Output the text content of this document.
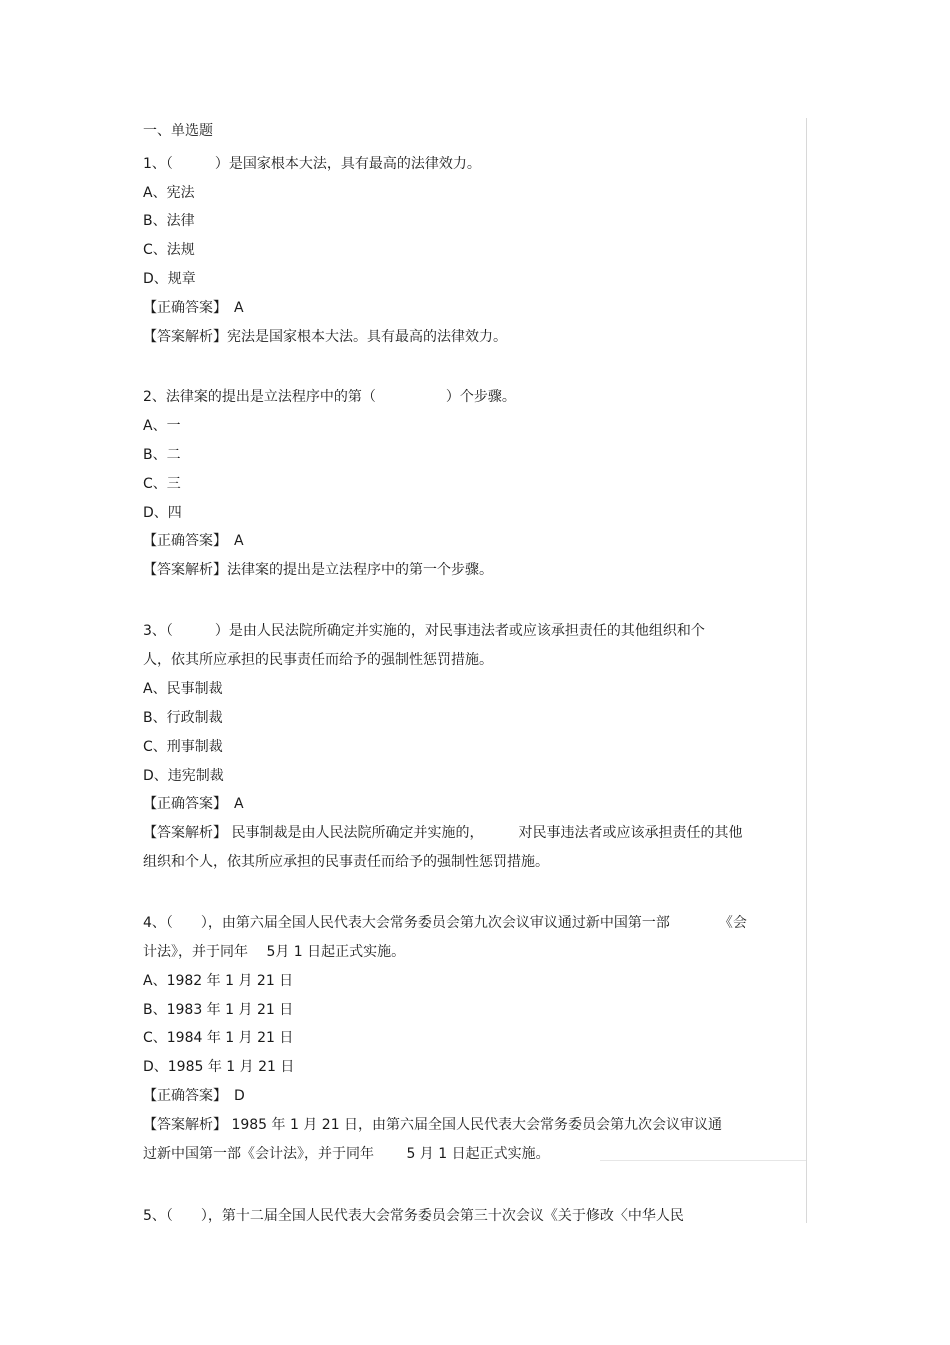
一、单选题

1、（　　　）是国家根本大法，具有最高的法律效力。

A、宪法

B、法律

C、法规

D、规章

【正确答案】　A

【答案解析】宪法是国家根本大法。具有最高的法律效力。

2、法律案的提出是立法程序中的第（　　　　　）个步骤。

A、一

B、二

C、三

D、四

【正确答案】　A

【答案解析】法律案的提出是立法程序中的第一个步骤。

3、（　　　）是由人民法院所确定并实施的，对民事违法者或应该承担责任的其他组织和个

人，依其所应承担的民事责任而给予的强制性惩罚措施。

A、民事制裁

B、行政制裁

C、刑事制裁

D、违宪制裁

【正确答案】　A

【答案解析】 民事制裁是由人民法院所确定并实施的，　　　对民事违法者或应该承担责任的其他

组织和个人，依其所应承担的民事责任而给予的强制性惩罚措施。

4、（　　），由第六届全国人民代表大会常务委员会第九次会议审议通过新中国第一部　　　　《会

计法》，并于同年　 5月 1 日起正式实施。

A、1982 年 1 月 21 日

B、1983 年 1 月 21 日

C、1984 年 1 月 21 日

D、1985 年 1 月 21 日

【正确答案】　D

【答案解析】 1985 年 1 月 21 日，由第六届全国人民代表大会常务委员会第九次会议审议通

过新中国第一部《会计法》，并于同年　　 5 月 1 日起正式实施。

5、（　　），第十二届全国人民代表大会常务委员会第三十次会议《关于修改〈中华人民
